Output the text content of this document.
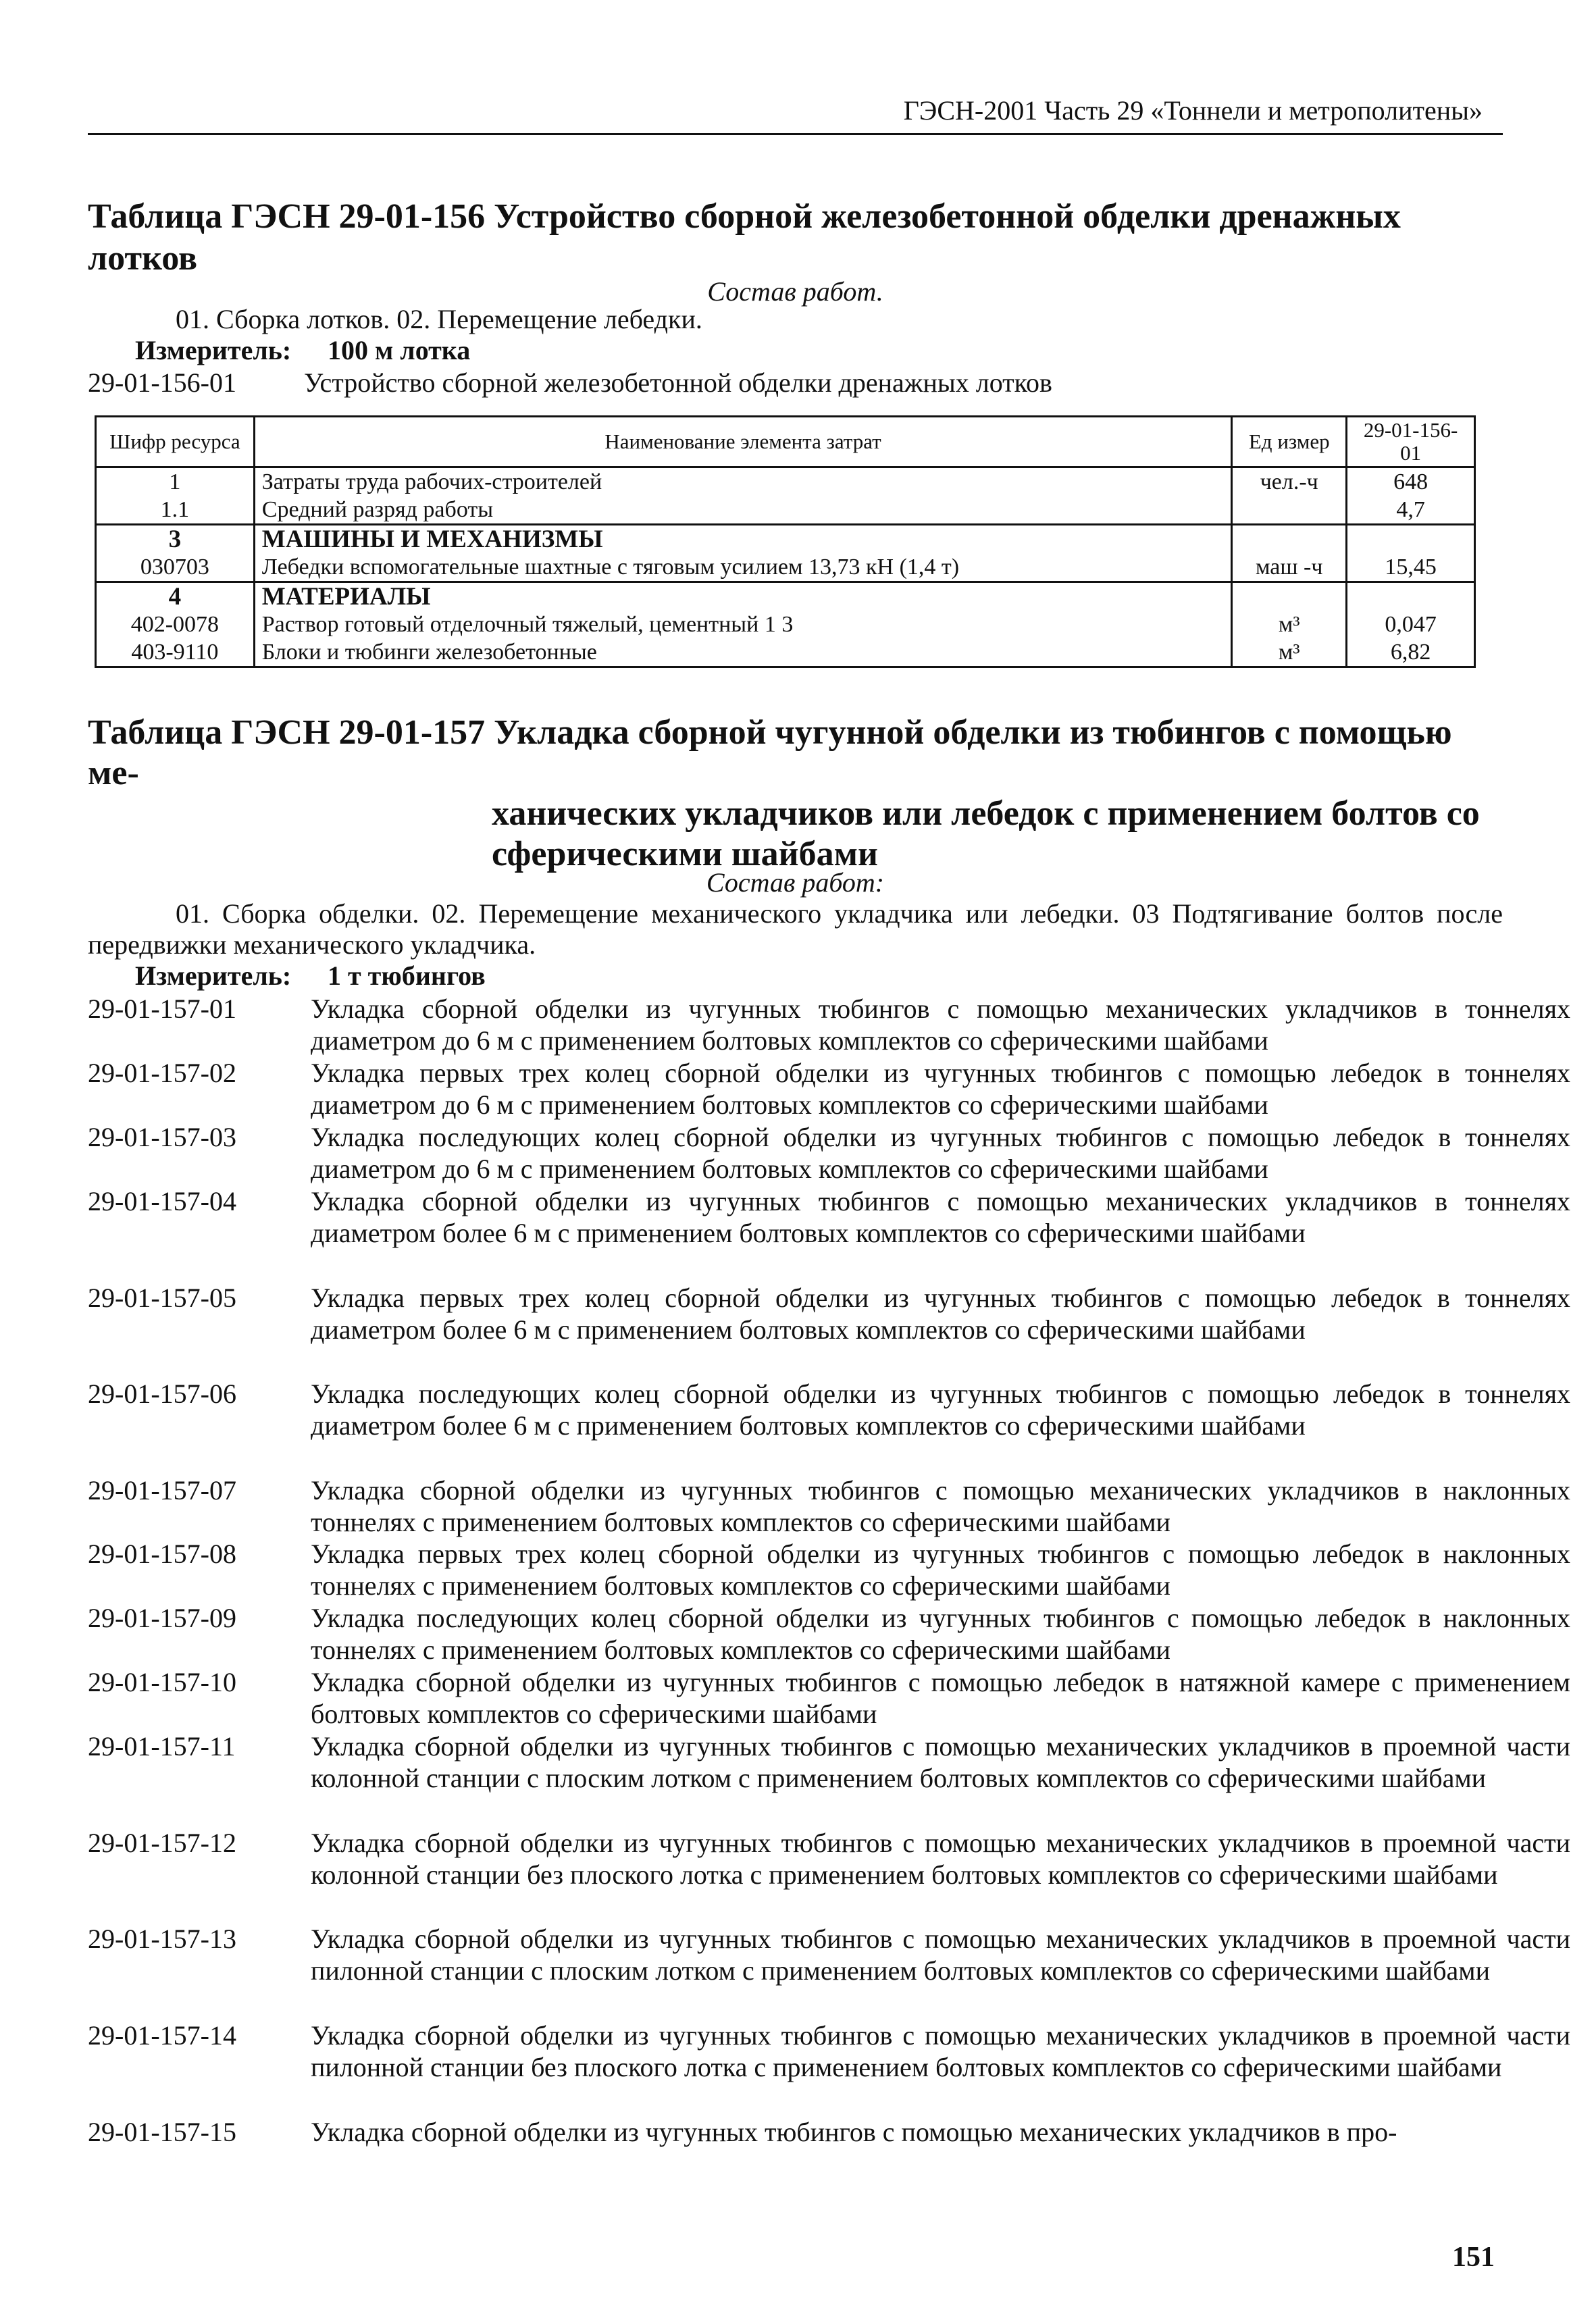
ГЭСН-2001 Часть 29 «Тоннели и метрополитены»
Таблица ГЭСН 29-01-156 Устройство сборной железобетонной обделки дренажных лотков
Состав работ.
01. Сборка лотков. 02. Перемещение лебедки.
Измеритель: 100 м лотка
29-01-156-01	Устройство сборной железобетонной обделки дренажных лотков
Шифр ресурса	Наименование элемента затрат	Ед измер	29-01-156-01
1	Затраты труда рабочих-строителей	чел.-ч	648
1.1	Средний разряд работы		4,7
3	МАШИНЫ И МЕХАНИЗМЫ		
030703	Лебедки вспомогательные шахтные с тяговым усилием 13,73 кН (1,4 т)	маш -ч	15,45
4	МАТЕРИАЛЫ		
402-0078	Раствор готовый отделочный тяжелый, цементный 1 3	м³	0,047
403-9110	Блоки и тюбинги железобетонные	м³	6,82
Таблица ГЭСН 29-01-157 Укладка сборной чугунной обделки из тюбингов с помощью ме-
ханических укладчиков или лебедок с применением болтов со
сферическими шайбами
Состав работ:
01. Сборка обделки. 02. Перемещение механического укладчика или лебедки. 03 Подтягивание болтов после передвижки механического укладчика.
Измеритель: 1 т тюбингов
29-01-157-01	Укладка сборной обделки из чугунных тюбингов с помощью механических укладчиков в тоннелях диаметром до 6 м с применением болтовых комплектов со сферическими шайбами
29-01-157-02	Укладка первых трех колец сборной обделки из чугунных тюбингов с помощью лебедок в тоннелях диаметром до 6 м с применением болтовых комплектов со сферическими шайбами
29-01-157-03	Укладка последующих колец сборной обделки из чугунных тюбингов с помощью лебедок в тоннелях диаметром до 6 м с применением болтовых комплектов со сферическими шайбами
29-01-157-04	Укладка сборной обделки из чугунных тюбингов с помощью механических укладчиков в тоннелях диаметром более 6 м с применением болтовых комплектов со сферическими шайбами
29-01-157-05	Укладка первых трех колец сборной обделки из чугунных тюбингов с помощью лебедок в тоннелях диаметром более 6 м с применением болтовых комплектов со сферическими шайбами
29-01-157-06	Укладка последующих колец сборной обделки из чугунных тюбингов с помощью лебедок в тоннелях диаметром более 6 м с применением болтовых комплектов со сферическими шайбами
29-01-157-07	Укладка сборной обделки из чугунных тюбингов с помощью механических укладчиков в наклонных тоннелях с применением болтовых комплектов со сферическими шайбами
29-01-157-08	Укладка первых трех колец сборной обделки из чугунных тюбингов с помощью лебедок в наклонных тоннелях с применением болтовых комплектов со сферическими шайбами
29-01-157-09	Укладка последующих колец сборной обделки из чугунных тюбингов с помощью лебедок в наклонных тоннелях с применением болтовых комплектов со сферическими шайбами
29-01-157-10	Укладка сборной обделки из чугунных тюбингов с помощью лебедок в натяжной камере с применением болтовых комплектов со сферическими шайбами
29-01-157-11	Укладка сборной обделки из чугунных тюбингов с помощью механических укладчиков в проемной части колонной станции с плоским лотком с применением болтовых комплектов со сферическими шайбами
29-01-157-12	Укладка сборной обделки из чугунных тюбингов с помощью механических укладчиков в проемной части колонной станции без плоского лотка с применением болтовых комплектов со сферическими шайбами
29-01-157-13	Укладка сборной обделки из чугунных тюбингов с помощью механических укладчиков в проемной части пилонной станции с плоским лотком с применением болтовых комплектов со сферическими шайбами
29-01-157-14	Укладка сборной обделки из чугунных тюбингов с помощью механических укладчиков в проемной части пилонной станции без плоского лотка с применением болтовых комплектов со сферическими шайбами
29-01-157-15	Укладка сборной обделки из чугунных тюбингов с помощью механических укладчиков в про-
151
